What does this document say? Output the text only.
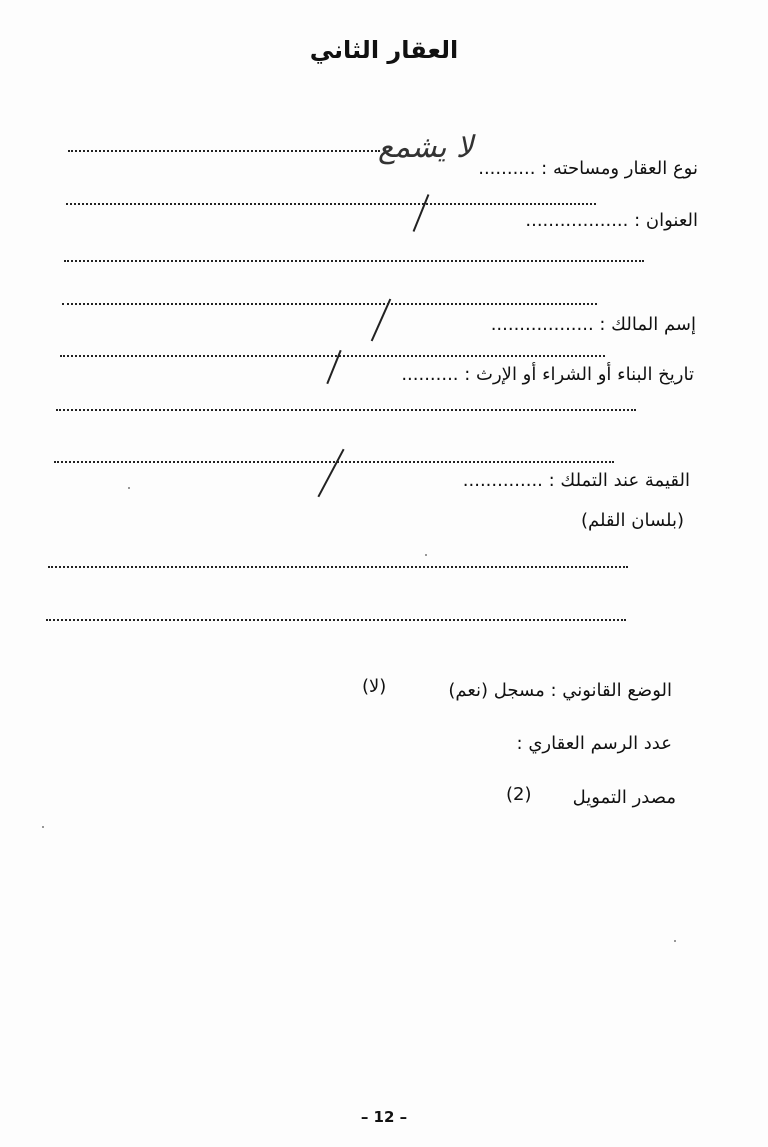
العقار الثاني
لا يشمع
نوع العقار ومساحته : ..........
العنوان : ..................
إسم المالك : ..................
تاريخ البناء أو الشراء أو الإرث : ..........
القيمة عند التملك : ..............
(بلسان القلم)
الوضع القانوني : مسجل (نعم)
(لا)
عدد الرسم العقاري :
مصدر التمويل
(2)
– 12 –
